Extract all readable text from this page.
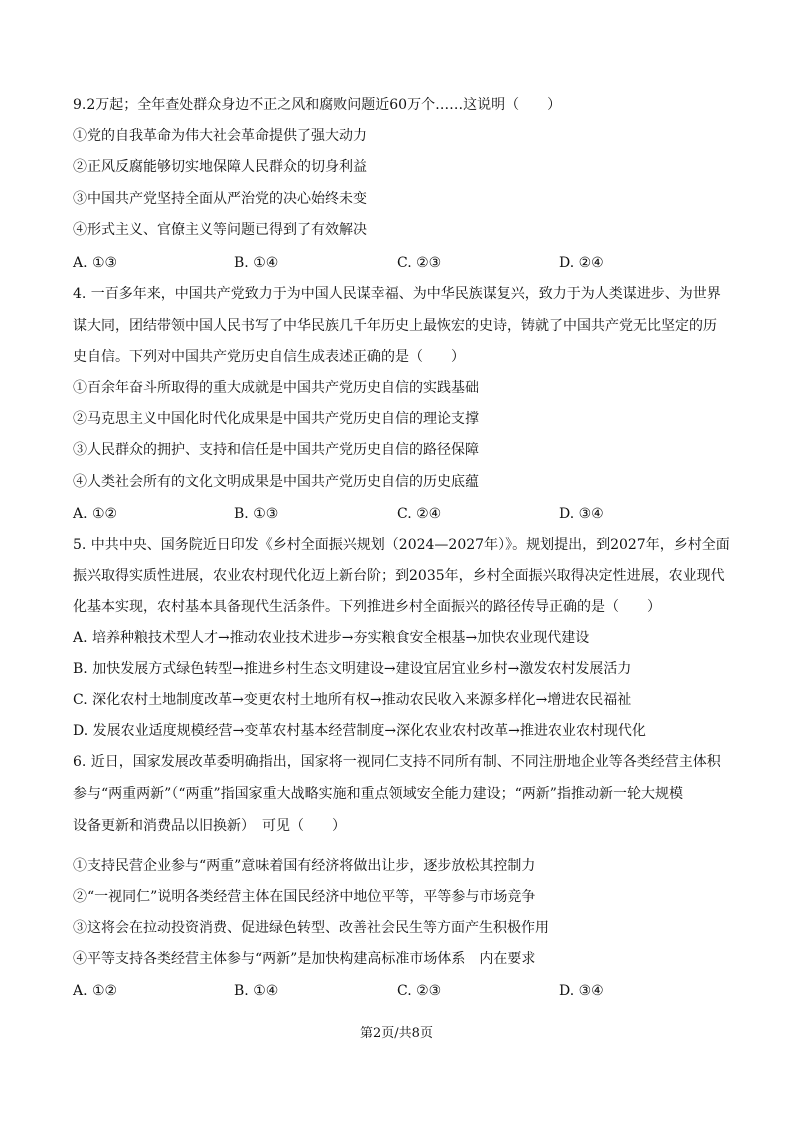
9.2万起；全年查处群众身边不正之风和腐败问题近60万个……这说明（　　）
①党的自我革命为伟大社会革命提供了强大动力
②正风反腐能够切实地保障人民群众的切身利益
③中国共产党坚持全面从严治党的决心始终未变
④形式主义、官僚主义等问题已得到了有效解决
A. ①③	B. ①④	C. ②③	D. ②④
4. 一百多年来，中国共产党致力于为中国人民谋幸福、为中华民族谋复兴，致力于为人类谋进步、为世界
谋大同，团结带领中国人民书写了中华民族几千年历史上最恢宏的史诗，铸就了中国共产党无比坚定的历
史自信。下列对中国共产党历史自信生成表述正确的是（　　）
①百余年奋斗所取得的重大成就是中国共产党历史自信的实践基础
②马克思主义中国化时代化成果是中国共产党历史自信的理论支撑
③人民群众的拥护、支持和信任是中国共产党历史自信的路径保障
④人类社会所有的文化文明成果是中国共产党历史自信的历史底蕴
A. ①②	B. ①③	C. ②④	D. ③④
5. 中共中央、国务院近日印发《乡村全面振兴规划（2024—2027年）》。规划提出，到2027年，乡村全面
振兴取得实质性进展，农业农村现代化迈上新台阶；到2035年，乡村全面振兴取得决定性进展，农业现代
化基本实现，农村基本具备现代生活条件。下列推进乡村全面振兴的路径传导正确的是（　　）
A. 培养种粮技术型人才→推动农业技术进步→夯实粮食安全根基→加快农业现代建设
B. 加快发展方式绿色转型→推进乡村生态文明建设→建设宜居宜业乡村→激发农村发展活力
C. 深化农村土地制度改革→变更农村土地所有权→推动农民收入来源多样化→增进农民福祉
D. 发展农业适度规模经营→变革农村基本经营制度→深化农业农村改革→推进农业农村现代化
6. 近日，国家发展改革委明确指出，国家将一视同仁支持不同所有制、不同注册地企业等各类经营主体积
参与“两重两新”（“两重”指国家重大战略实施和重点领域安全能力建设；“两新”指推动新一轮大规模
设备更新和消费品以旧换新）　可见（　　）
①支持民营企业参与“两重”意味着国有经济将做出让步，逐步放松其控制力
②“一视同仁”说明各类经营主体在国民经济中地位平等，平等参与市场竞争
③这将会在拉动投资消费、促进绿色转型、改善社会民生等方面产生积极作用
④平等支持各类经营主体参与“两新”是加快构建高标准市场体系　内在要求
A. ①②	B. ①④	C. ②③	D. ③④
第2页/共8页
